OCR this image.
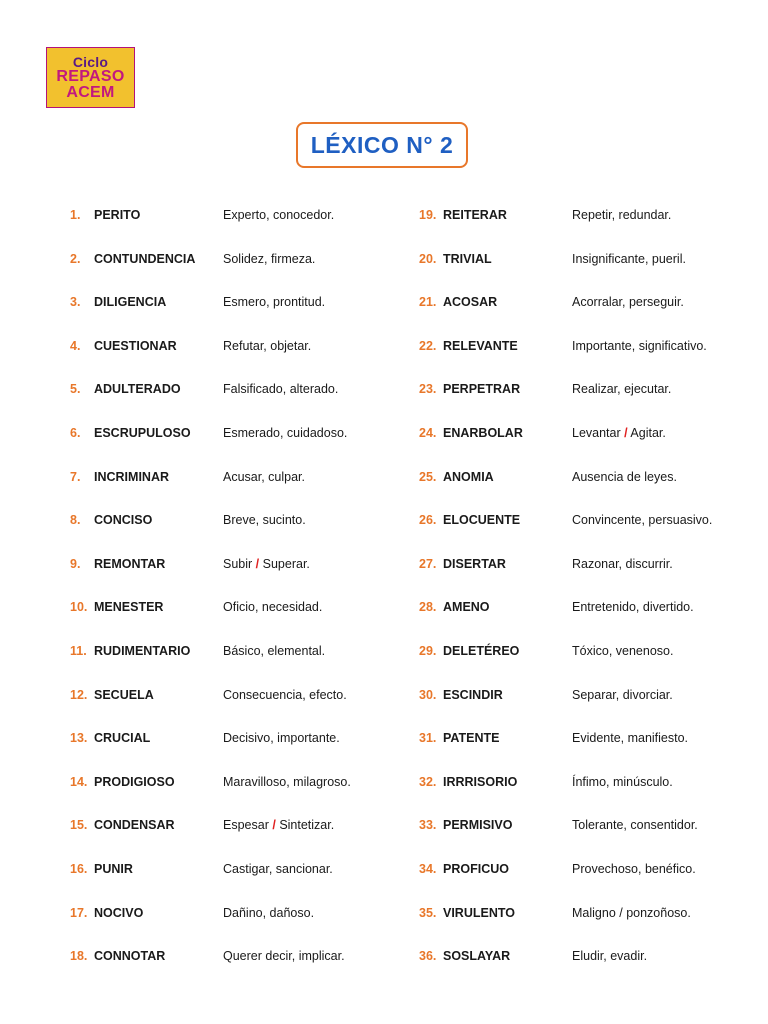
Ciclo
REPASO
ACEM
LÉXICO N° 2
1. PERITO	Experto, conocedor.
2. CONTUNDENCIA Solidez, firmeza.
3. DILIGENCIA	Esmero, prontitud.
4. CUESTIONAR	Refutar, objetar.
5. ADULTERADO	Falsificado, alterado.
6. ESCRUPULOSO	Esmerado, cuidadoso.
7. INCRIMINAR	Acusar, culpar.
8. CONCISO	Breve, sucinto.
9. REMONTAR	Subir / Superar.
10. MENESTER	Oficio, necesidad.
11. RUDIMENTARIO	Básico, elemental.
12. SECUELA	Consecuencia, efecto.
13. CRUCIAL	Decisivo, importante.
14. PRODIGIOSO	Maravilloso, milagroso.
15. CONDENSAR	Espesar / Sintetizar.
16. PUNIR	Castigar, sancionar.
17. NOCIVO	Dañino, dañoso.
18. CONNOTAR	Querer decir, implicar.
19. REITERAR	Repetir, redundar.
20. TRIVIAL	Insignificante, pueril.
21. ACOSAR	Acorralar, perseguir.
22. RELEVANTE	Importante, significativo.
23. PERPETRAR	Realizar, ejecutar.
24. ENARBOLAR	Levantar / Agitar.
25. ANOMIA	Ausencia de leyes.
26. ELOCUENTE	Convincente, persuasivo.
27. DISERTAR	Razonar, discurrir.
28. AMENO	Entretenido, divertido.
29. DELETÉREO	Tóxico, venenoso.
30. ESCINDIR	Separar, divorciar.
31. PATENTE	Evidente, manifiesto.
32. IRRRISORIO	Ínfimo, minúsculo.
33. PERMISIVO	Tolerante, consentidor.
34. PROFICUO	Provechoso, benéfico.
35. VIRULENTO	Maligno / ponzoñoso.
36. SOSLAYAR	Eludir, evadir.
